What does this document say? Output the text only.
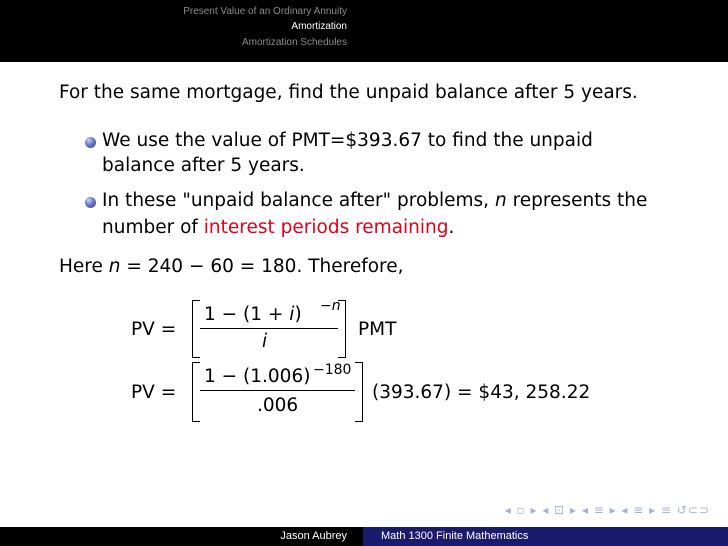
Present Value of an Ordinary Annuity
Amortization
Amortization Schedules
For the same mortgage, find the unpaid balance after 5 years.
We use the value of PMT=$393.67 to find the unpaid
balance after 5 years.
In these "unpaid balance after" problems, n represents the
number of interest periods remaining.
Here n = 240 − 60 = 180. Therefore,
PV =
1 − (1 + i) −n
i
PMT
PV =
1 − (1.006) −180
.006
(393.67) = $43, 258.22
◂ ▫ ▸ ◂ ⊡ ▸ ◂ ≡ ▸ ◂ ≡ ▸ ≡ ↺⊂⊃
Jason Aubrey	Math 1300 Finite Mathematics
